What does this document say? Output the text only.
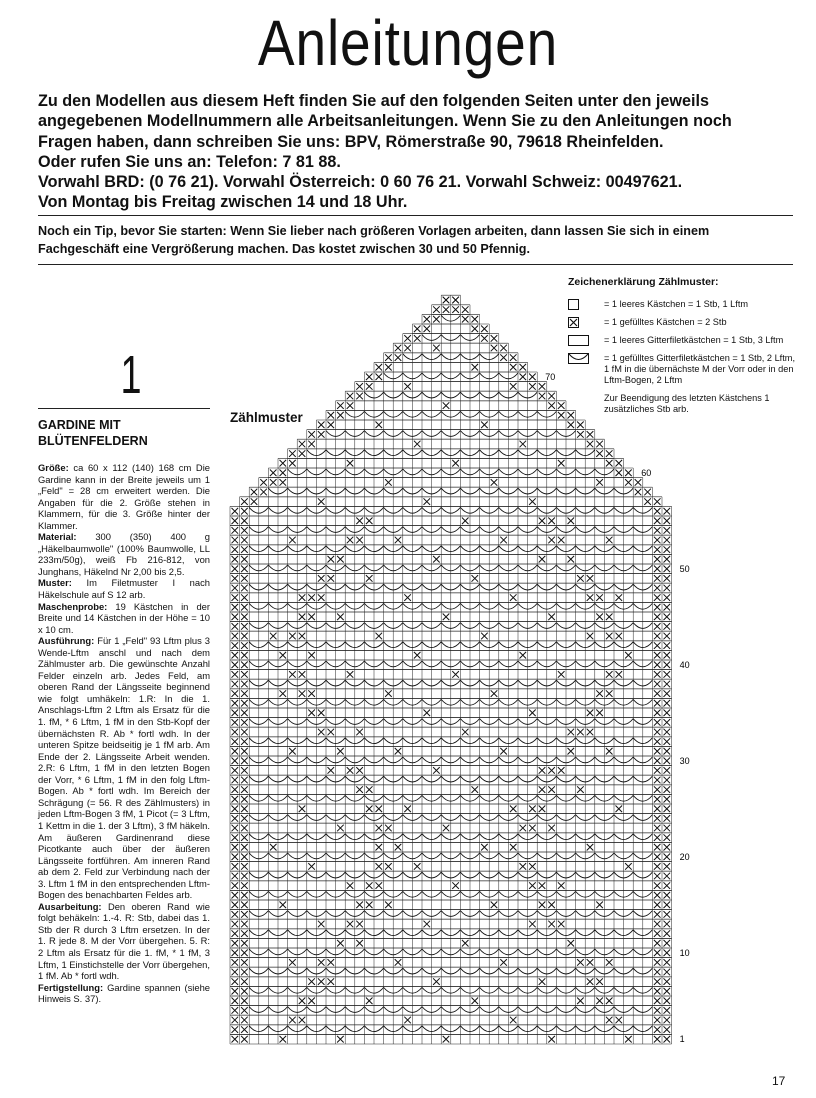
Anleitungen
Zu den Modellen aus diesem Heft finden Sie auf den folgenden Seiten unter den jeweils
angegebenen Modellnummern alle Arbeitsanleitungen. Wenn Sie zu den Anleitungen noch
Fragen haben, dann schreiben Sie uns: BPV, Römerstraße 90, 79618 Rheinfelden.
Oder rufen Sie uns an: Telefon: 7 81 88.
Vorwahl BRD: (0 76 21). Vorwahl Österreich: 0 60 76 21. Vorwahl Schweiz: 00497621.
Von Montag bis Freitag zwischen 14 und 18 Uhr.
Noch ein Tip, bevor Sie starten: Wenn Sie lieber nach größeren Vorlagen arbeiten, dann lassen Sie sich in einem
Fachgeschäft eine Vergrößerung machen. Das kostet zwischen 30 und 50 Pfennig.
1
GARDINE MIT
BLÜTENFELDERN

Größe: ca 60 x 112 (140) 168 cm Die Gardine kann in der Breite jeweils um 1 „Feld" = 28 cm erweitert werden. Die Angaben für die 2. Größe stehen in Klammern, für die 3. Größe hinter der Klammer.

Material: 300 (350) 400 g „Häkelbaumwolle" (100% Baumwolle, LL 233m/50g), weiß Fb 216-812, von Junghans, Häkelnd Nr 2,00 bis 2,5.

Muster: Im Filetmuster I nach Häkelschule auf S 12 arb.

Maschenprobe: 19 Kästchen in der Breite und 14 Kästchen in der Höhe = 10 x 10 cm.

Ausführung: Für 1 „Feld" 93 Lftm plus 3 Wende-Lftm anschl und nach dem Zählmuster arb. Die gewünschte Anzahl Felder einzeln arb. Jedes Feld, am oberen Rand der Längsseite beginnend wie folgt umhäkeln: 1.R: In die 1. Anschlags-Lftm 2 Lftm als Ersatz für die 1. fM, * 6 Lftm, 1 fM in den Stb-Kopf der übernächsten R. Ab * fortl wdh. In der unteren Spitze beidseitig je 1 fM arb. Am Ende der 2. Längsseite Arbeit wenden. 2.R: 6 Lftm, 1 fM in den letzten Bogen der Vorr, * 6 Lftm, 1 fM in den folg Lftm-Bogen. Ab * fortl wdh. Im Bereich der Schrägung (= 56. R des Zählmusters) in jeden Lftm-Bogen 3 fM, 1 Picot (= 3 Lftm, 1 Kettm in die 1. der 3 Lftm), 3 fM häkeln. Am äußeren Gardinenrand diese Picotkante auch über der äußeren Längsseite fortführen. Am inneren Rand ab dem 2. Feld zur Verbindung nach der 3. Lftm 1 fM in den entsprechenden Lftm-Bogen des benachbarten Feldes arb.

Ausarbeitung: Den oberen Rand wie folgt behäkeln: 1.-4. R: Stb, dabei das 1. Stb der R durch 3 Lftm ersetzen. In der 1. R jede 8. M der Vorr übergehen. 5. R: 2 Lftm als Ersatz für die 1. fM, * 1 fM, 3 Lftm, 1 Einstichstelle der Vorr übergehen, 1 fM. Ab * fortl wdh.

Fertigstellung: Gardine spannen (siehe Hinweis S. 37).

Zählmuster
Zeichenerklärung Zählmuster:
= 1 leeres Kästchen = 1 Stb, 1 Lftm
= 1 gefülltes Kästchen = 2 Stb
= 1 leeres Gitterfiletkästchen = 1 Stb, 3 Lftm
= 1 gefülltes Gitterfiletkästchen = 1 Stb, 2 Lftm, 1 fM in die übernächste M der Vorr oder in den Lftm-Bogen, 2 Lftm
Zur Beendigung des letzten Kästchens 1 zusätzliches Stb arb.
1
10
20
30
40
50
60
70
17
